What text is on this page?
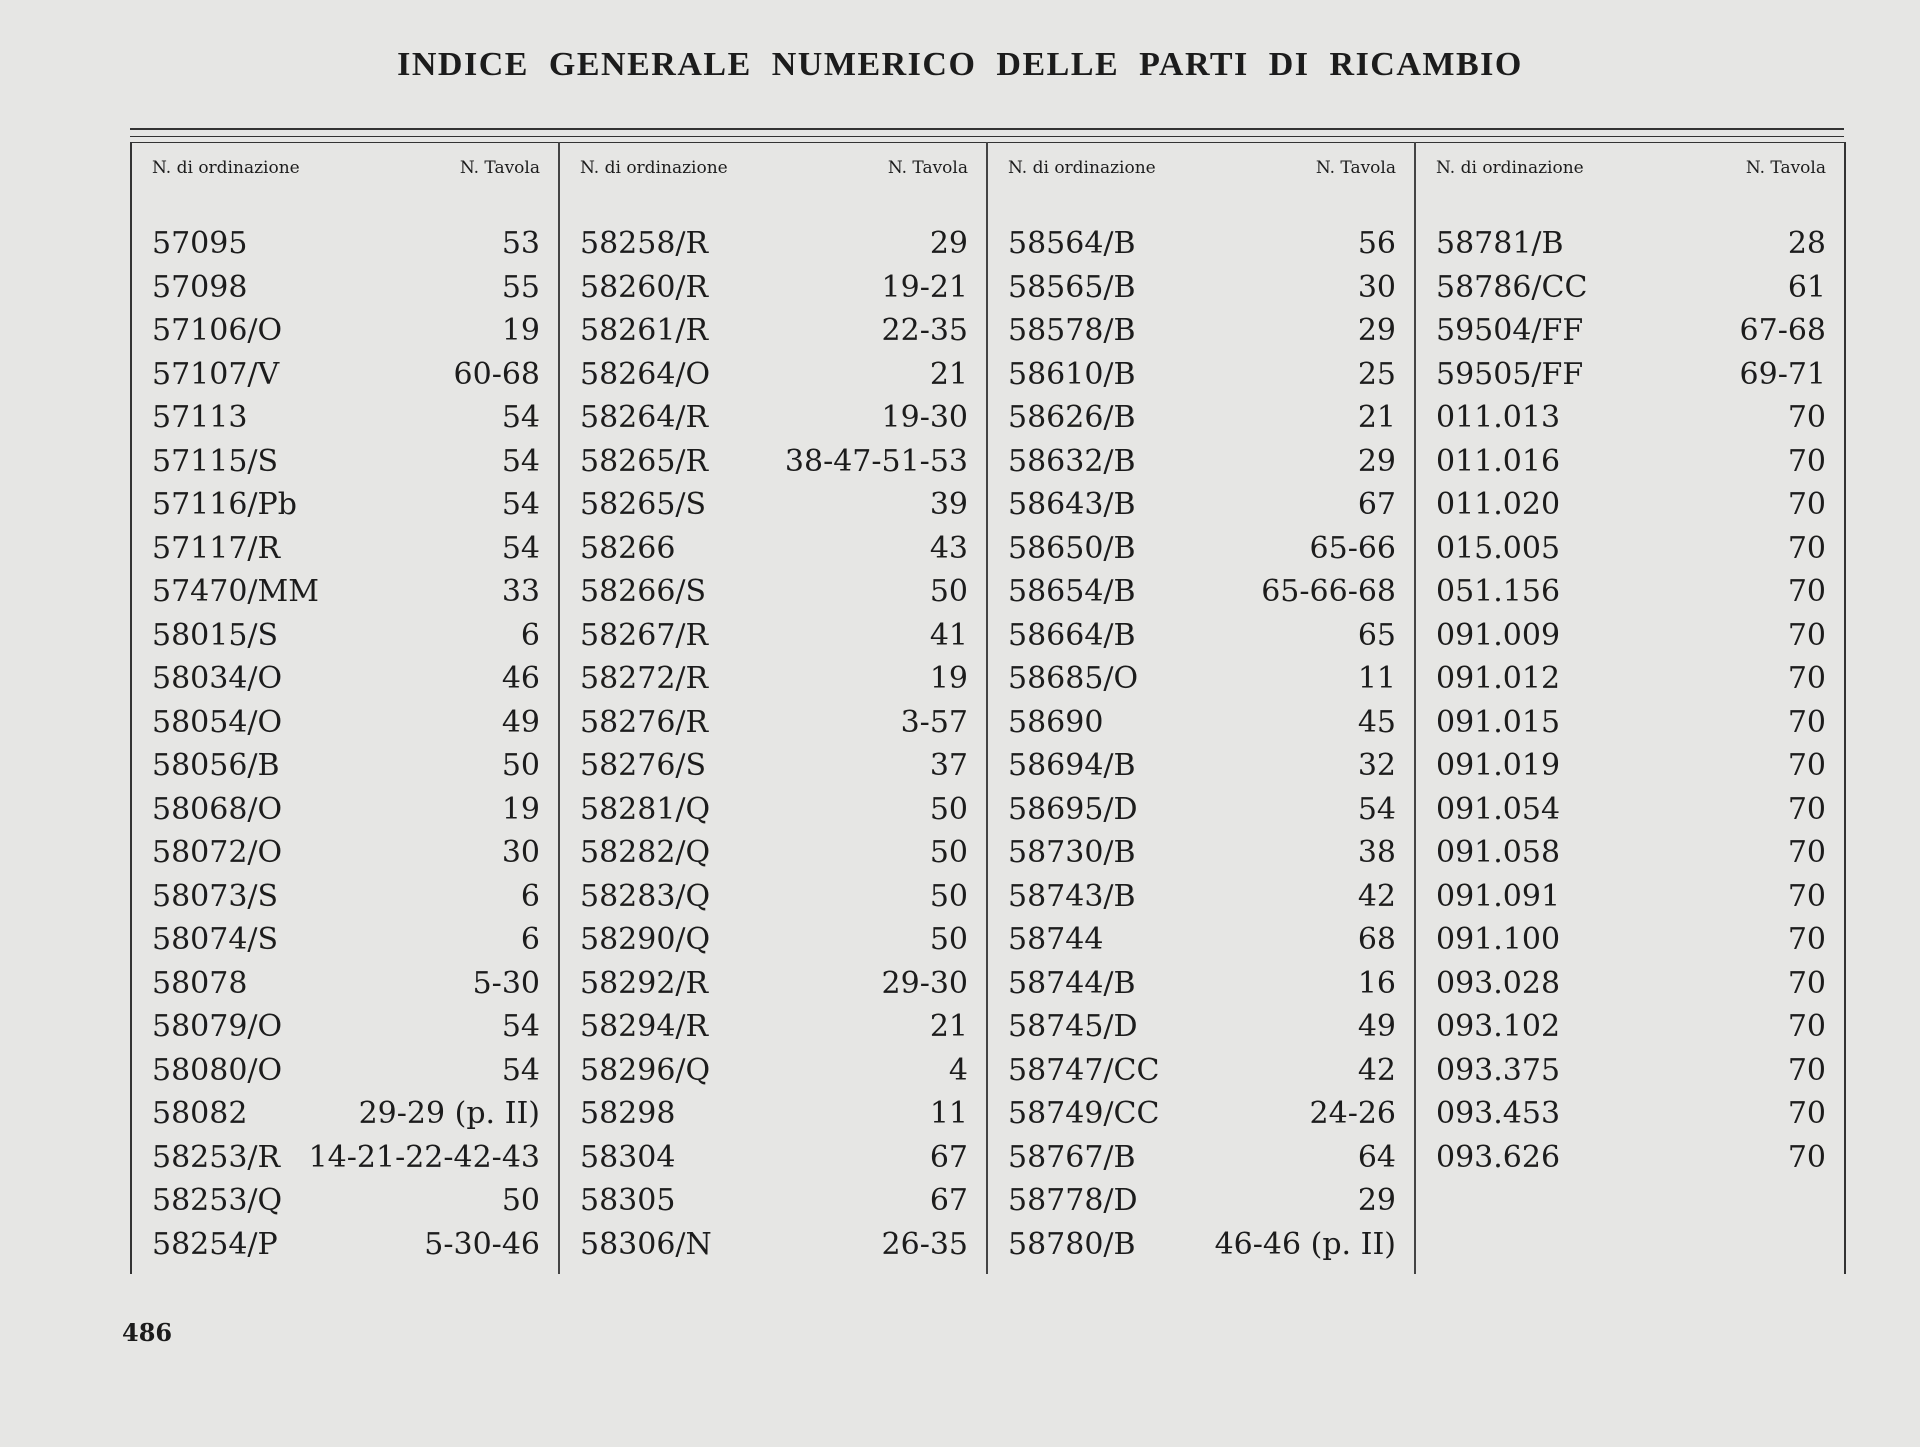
INDICE GENERALE NUMERICO DELLE PARTI DI RICAMBIO
N. di ordinazione	N. Tavola
57095	53
57098	55
57106/O	19
57107/V	60-68
57113	54
57115/S	54
57116/Pb	54
57117/R	54
57470/MM	33
58015/S	6
58034/O	46
58054/O	49
58056/B	50
58068/O	19
58072/O	30
58073/S	6
58074/S	6
58078	5-30
58079/O	54
58080/O	54
58082	29-29 (p. II)
58253/R 14-21-22-42-43
58253/Q	50
58254/P	5-30-46
N. di ordinazione	N. Tavola
58258/R	29
58260/R	19-21
58261/R	22-35
58264/O	21
58264/R	19-30
58265/R	38-47-51-53
58265/S	39
58266	43
58266/S	50
58267/R	41
58272/R	19
58276/R	3-57
58276/S	37
58281/Q	50
58282/Q	50
58283/Q	50
58290/Q	50
58292/R	29-30
58294/R	21
58296/Q	4
58298	11
58304	67
58305	67
58306/N	26-35
N. di ordinazione	N. Tavola
58564/B	56
58565/B	30
58578/B	29
58610/B	25
58626/B	21
58632/B	29
58643/B	67
58650/B	65-66
58654/B	65-66-68
58664/B	65
58685/O	11
58690	45
58694/B	32
58695/D	54
58730/B	38
58743/B	42
58744	68
58744/B	16
58745/D	49
58747/CC	42
58749/CC	24-26
58767/B	64
58778/D	29
58780/B	46-46 (p. II)
N. di ordinazione	N. Tavola
58781/B	28
58786/CC	61
59504/FF	67-68
59505/FF	69-71
011.013	70
011.016	70
011.020	70
015.005	70
051.156	70
091.009	70
091.012	70
091.015	70
091.019	70
091.054	70
091.058	70
091.091	70
091.100	70
093.028	70
093.102	70
093.375	70
093.453	70
093.626	70
486
